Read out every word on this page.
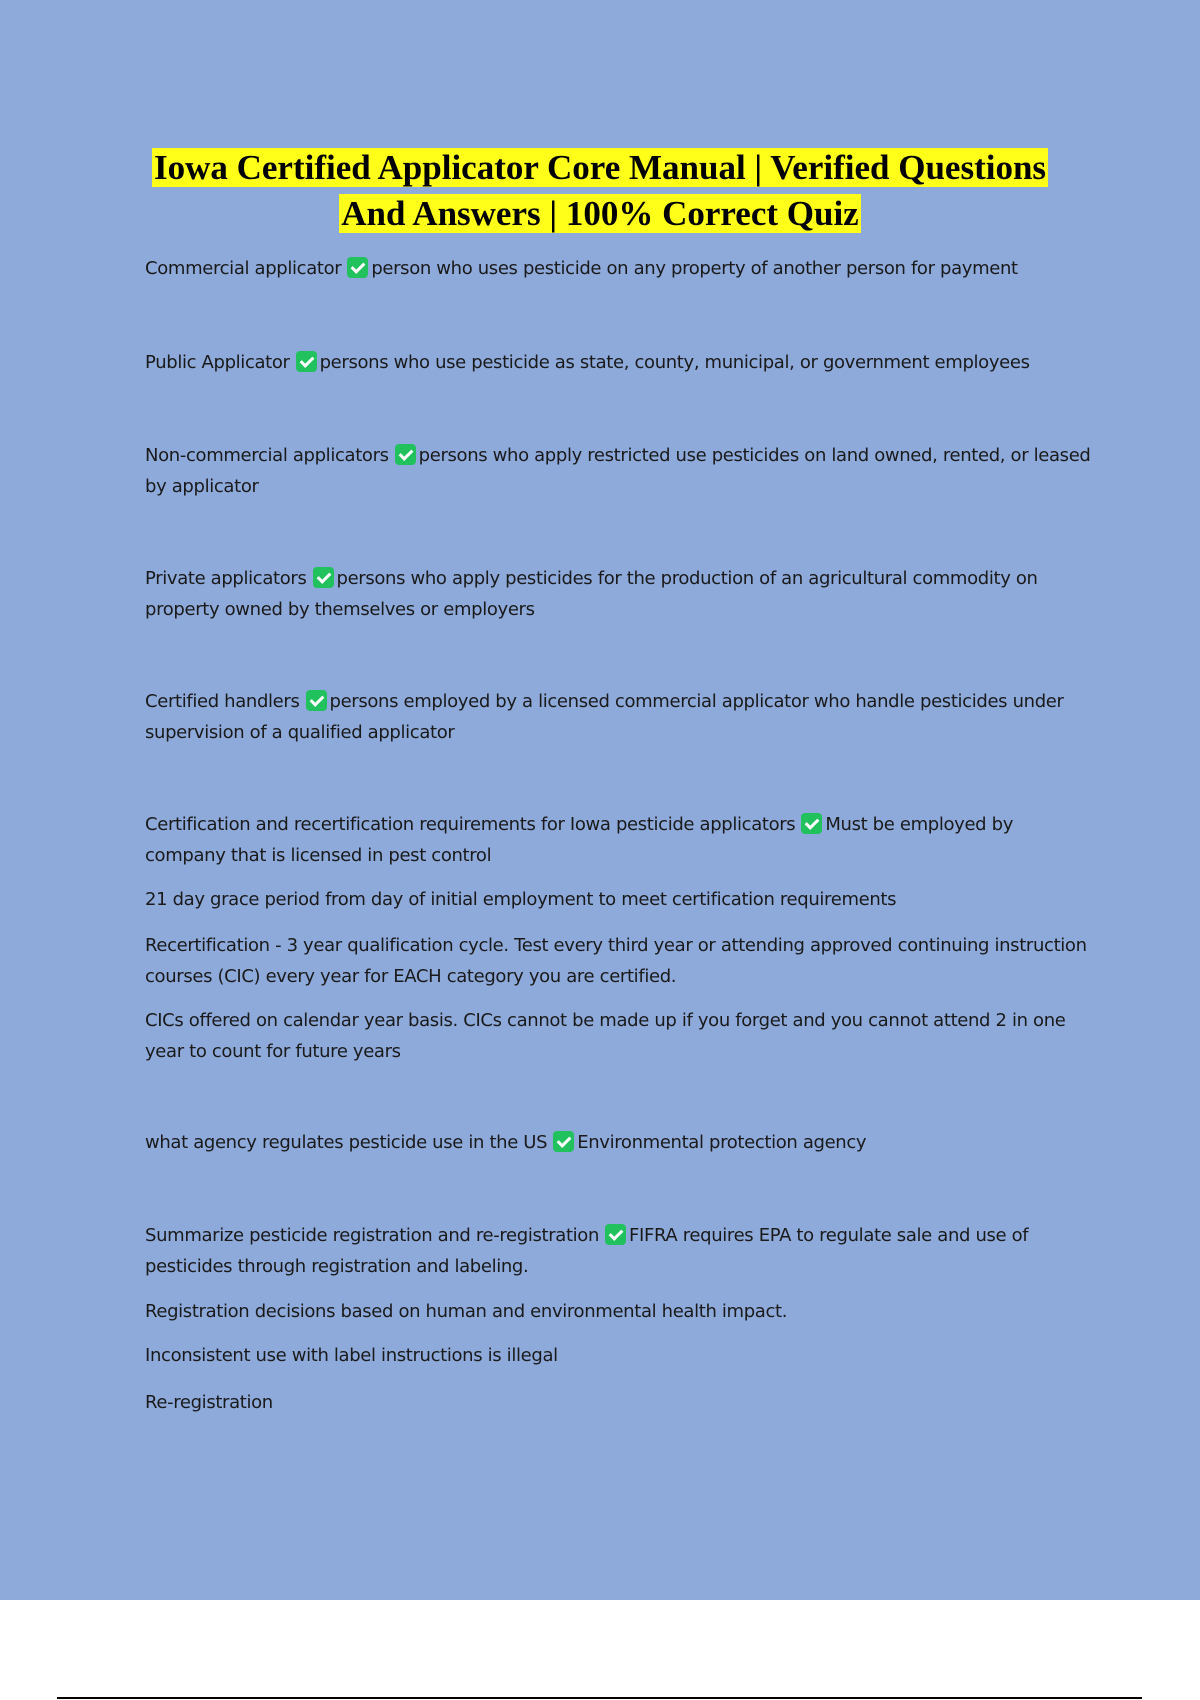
Iowa Certified Applicator Core Manual | Verified Questions
And Answers | 100% Correct Quiz
Commercial applicator person who uses pesticide on any property of another person for payment
Public Applicator persons who use pesticide as state, county, municipal, or government employees
Non-commercial applicators persons who apply restricted use pesticides on land owned, rented, or leased by applicator
Private applicators persons who apply pesticides for the production of an agricultural commodity on property owned by themselves or employers
Certified handlers persons employed by a licensed commercial applicator who handle pesticides under supervision of a qualified applicator
Certification and recertification requirements for Iowa pesticide applicators Must be employed by company that is licensed in pest control
21 day grace period from day of initial employment to meet certification requirements
Recertification - 3 year qualification cycle. Test every third year or attending approved continuing instruction courses (CIC) every year for EACH category you are certified.
CICs offered on calendar year basis. CICs cannot be made up if you forget and you cannot attend 2 in one year to count for future years
what agency regulates pesticide use in the US Environmental protection agency
Summarize pesticide registration and re-registration FIFRA requires EPA to regulate sale and use of pesticides through registration and labeling.
Registration decisions based on human and environmental health impact.
Inconsistent use with label instructions is illegal
Re-registration
